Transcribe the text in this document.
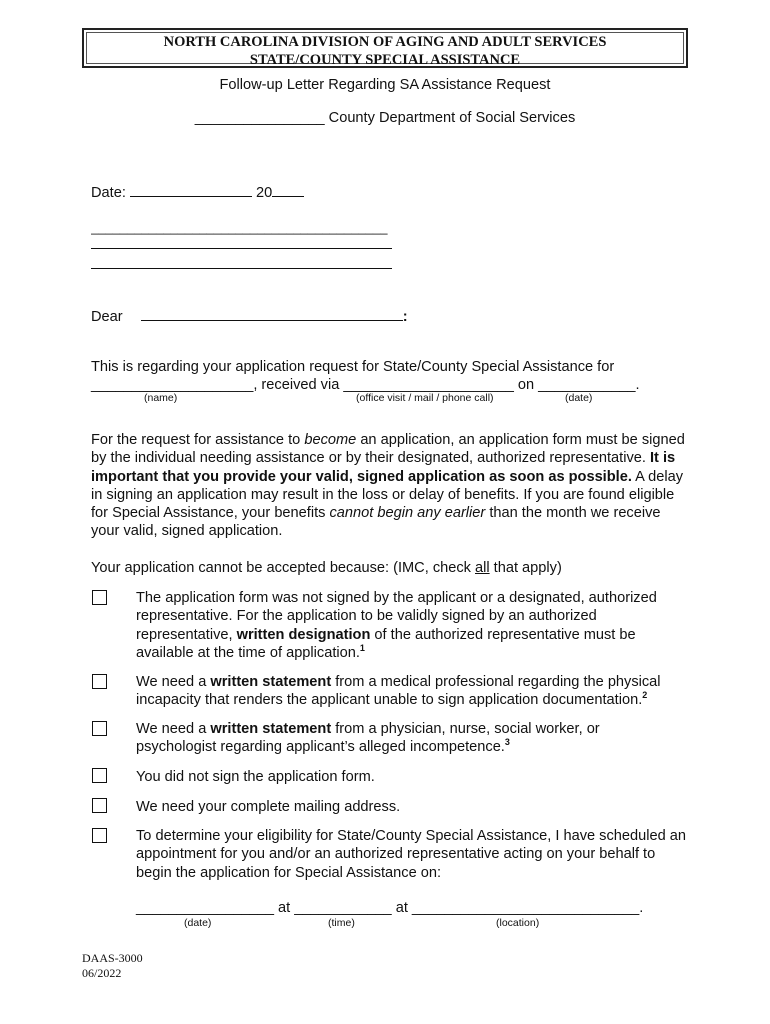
NORTH CAROLINA DIVISION OF AGING AND ADULT SERVICES
STATE/COUNTY SPECIAL ASSISTANCE
Follow-up Letter Regarding SA Assistance Request
________________ County Department of Social Services
Date:	20
_________________________________________
Dear	:
This is regarding your application request for State/County Special Assistance for
____________________, received via _____________________ on ____________.
(name)	(office visit / mail / phone call)	(date)
For the request for assistance to become an application, an application form must be signed by the individual needing assistance or by their designated, authorized representative. It is important that you provide your valid, signed application as soon as possible. A delay in signing an application may result in the loss or delay of benefits. If you are found eligible for Special Assistance, your benefits cannot begin any earlier than the month we receive your valid, signed application.
Your application cannot be accepted because: (IMC, check all that apply)
The application form was not signed by the applicant or a designated, authorized representative. For the application to be validly signed by an authorized representative, written designation of the authorized representative must be available at the time of application.$^1$
We need a written statement from a medical professional regarding the physical incapacity that renders the applicant unable to sign application documentation.$^2$
We need a written statement from a physician, nurse, social worker, or psychologist regarding applicant’s alleged incompetence.$^3$
You did not sign the application form.
We need your complete mailing address.
To determine your eligibility for State/County Special Assistance, I have scheduled an appointment for you and/or an authorized representative acting on your behalf to begin the application for Special Assistance on:
_________________ at ____________ at ____________________________.
(date)	(time)	(location)
DAAS-3000
06/2022
